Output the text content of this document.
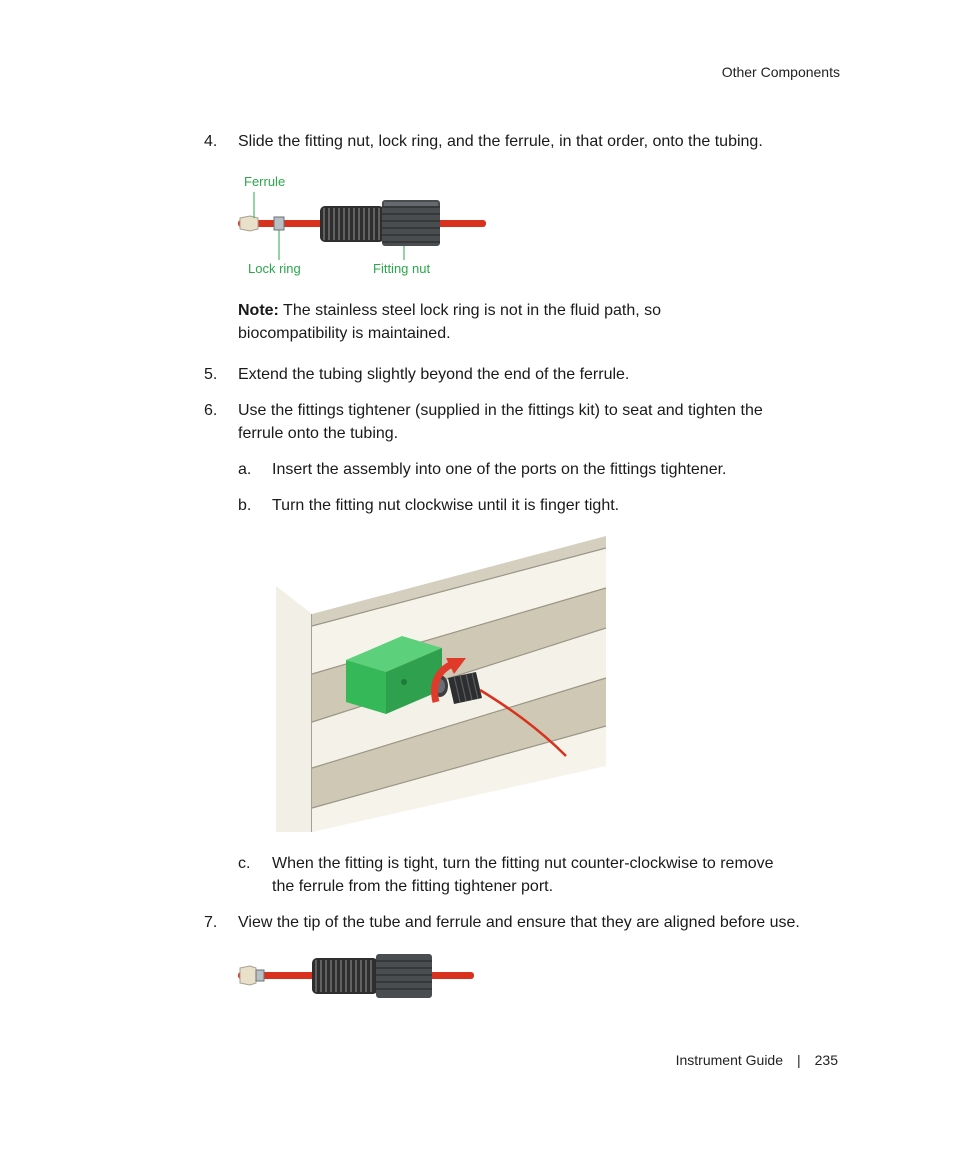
Other Components
4. Slide the fitting nut, lock ring, and the ferrule, in that order, onto the tubing.
Ferrule
Lock ring	Fitting nut
Note: The stainless steel lock ring is not in the fluid path, so
biocompatibility is maintained.
5. Extend the tubing slightly beyond the end of the ferrule.
6. Use the fittings tightener (supplied in the fittings kit) to seat and tighten the
ferrule onto the tubing.
a. Insert the assembly into one of the ports on the fittings tightener.
b. Turn the fitting nut clockwise until it is finger tight.
c. When the fitting is tight, turn the fitting nut counter-clockwise to remove
the ferrule from the fitting tightener port.
7. View the tip of the tube and ferrule and ensure that they are aligned before use.
Instrument Guide | 235
